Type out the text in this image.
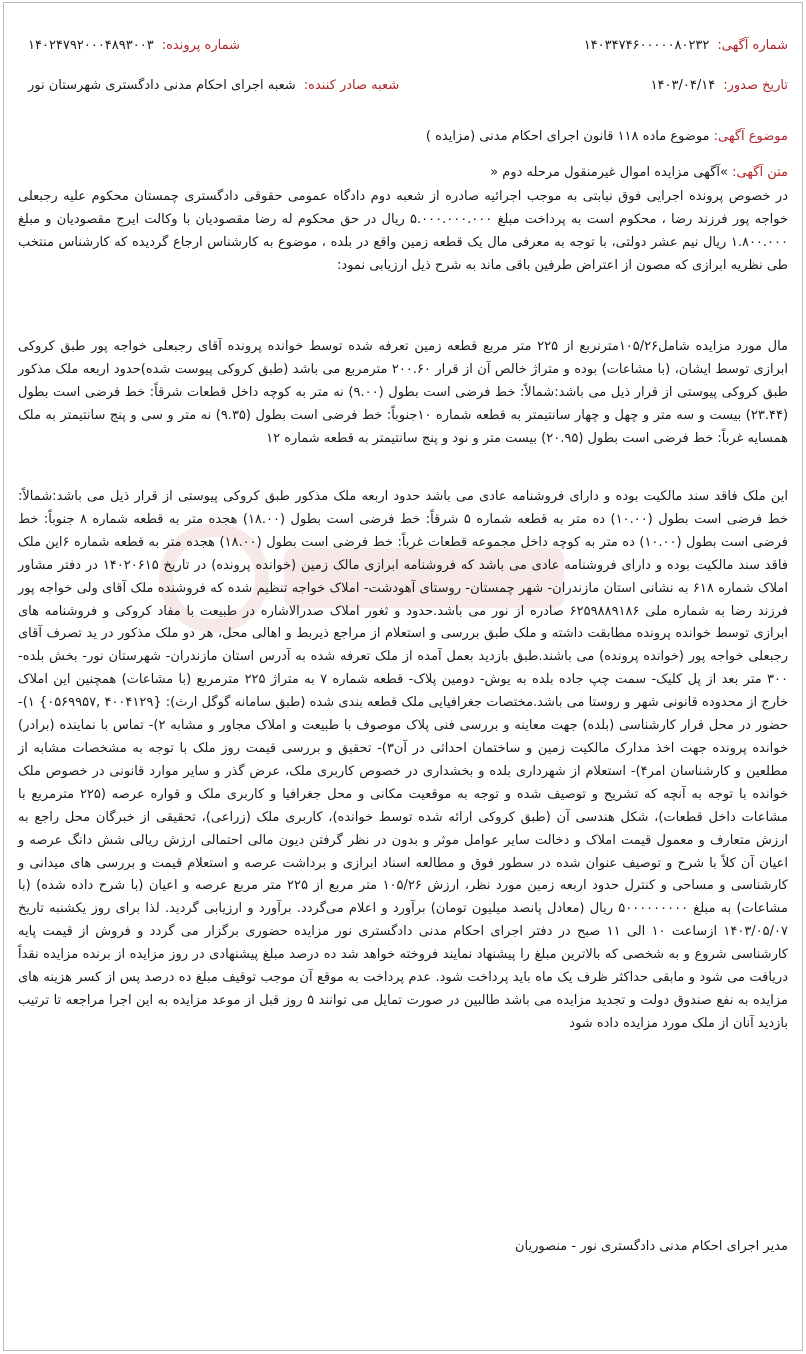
شماره آگهی:
۱۴۰۳۴۷۴۶۰۰۰۰۰۸۰۲۳۲
شماره پرونده:
۱۴۰۲۴۷۹۲۰۰۰۴۸۹۳۰۰۳
تاریخ صدور:
۱۴۰۳/۰۴/۱۴
شعبه صادر کننده:
شعبه اجرای احکام مدنی دادگستری شهرستان نور
موضوع آگهی: موضوع ماده ۱۱۸ قانون اجرای احکام مدنی (مزایده )
متن آگهی: »آگهی مزایده اموال غیرمنقول مرحله دوم «

در خصوص پرونده اجرایی فوق نیابتی به موجب اجرائیه صادره از شعبه دوم دادگاه عمومی حقوقی دادگستری چمستان محکوم علیه رجبعلی خواجه پور فرزند رضا ، محکوم است به پرداخت مبلغ ۵.۰۰۰.۰۰۰.۰۰۰ ریال در حق محکوم له رضا مقصودیان با وکالت ایرج مقصودیان و مبلغ ۱.۸۰۰.۰۰۰ ریال نیم عشر دولتی، با توجه به معرفی مال یک قطعه زمین واقع در بلده ، موضوع به کارشناس ارجاع گردیده که کارشناس منتخب طی نظریه ابرازی که مصون از اعتراض طرفین باقی ماند به شرح ذیل ارزیابی نمود:

مال مورد مزایده شامل۱۰۵/۲۶مترنربع از ۲۲۵ متر مربع قطعه زمین تعرفه شده توسط خوانده پرونده آقای رجبعلی خواجه پور طبق کروکی ابرازی توسط ایشان، (با مشاعات) بوده و متراژ خالص آن از قرار ۲۰۰.۶۰ مترمربع می باشد (طبق کروکی پیوست شده)حدود اربعه ملک مذکور طبق کروکی پیوستی از قرار ذیل می باشد:شمالاً: خط فرضی است بطول (۹.۰۰) نه متر به کوچه داخل قطعات شرقاً: خط فرضی است بطول (۲۳.۴۴) بیست و سه متر و چهل و چهار سانتیمتر به قطعه شماره ۱۰جنوباً: خط فرضی است بطول (۹.۳۵) نه متر و سی و پنج سانتیمتر به ملک همسایه غرباً: خط فرضی است بطول (۲۰.۹۵) بیست متر و نود و پنج سانتیمتر به قطعه شماره ۱۲

این ملک فاقد سند مالکیت بوده و دارای فروشنامه عادی می باشد حدود اربعه ملک مذکور طبق کروکی پیوستی از قرار ذیل می باشد:شمالاً: خط فرضی است بطول (۱۰.۰۰) ده متر به قطعه شماره ۵ شرقاً: خط فرضی است بطول (۱۸.۰۰) هجده متر به قطعه شماره ۸ جنوباً: خط فرضی است بطول (۱۰.۰۰) ده متر به کوچه داخل مجموعه قطعات غرباً: خط فرضی است بطول (۱۸.۰۰) هجده متر به قطعه شماره ۶این ملک فاقد سند مالکیت بوده و دارای فروشنامه عادی می باشد که فروشنامه ابرازی مالک زمین (خوانده پرونده) در تاریخ ۱۴۰۲۰۶۱۵ در دفتر مشاور املاک شماره ۶۱۸ به نشانی استان مازندران- شهر چمستان- روستای آهودشت- املاک خواجه تنظیم شده که فروشنده ملک آقای ولی خواجه پور فرزند رضا به شماره ملی ۶۲۵۹۸۸۹۱۸۶ صادره از نور می باشد.حدود و ثغور املاک صدرالاشاره در طبیعت با مفاد کروکی و فروشنامه های ابرازی توسط خوانده پرونده مطابقت داشته و ملک طبق بررسی و استعلام از مراجع ذیربط و اهالی محل، هر دو ملک مذکور در ید تصرف آقای رجبعلی خواجه پور (خوانده پرونده) می باشند.طبق بازدید بعمل آمده از ملک تعرفه شده به آدرس استان مازندران- شهرستان نور- بخش بلده- ۳۰۰ متر بعد از پل کلیک- سمت چپ جاده بلده به یوش- دومین پلاک- قطعه شماره ۷ به متراژ ۲۲۵ مترمربع (با مشاعات) همچنین این املاک خارج از محدوده قانونی شهر و روستا می باشد.مختصات جغرافیایی ملک قطعه بندی شده (طبق سامانه گوگل ارث): {۴۰۰۴۱۲۹ ,۰۵۶۹۹۵۷} ۱)- حضور در محل قرار کارشناسی (بلده) جهت معاینه و بررسی فنی پلاک موصوف با طبیعت و املاک مجاور و مشابه ۲)- تماس با نماینده (برادر) خوانده پرونده جهت اخذ مدارک مالکیت زمین و ساختمان احداثی در آن۳)- تحقیق و بررسی قیمت روز ملک با توجه به مشخصات مشابه از مطلعین و کارشناسان امر۴)- استعلام از شهرداری بلده و بخشداری در خصوص کاربری ملک، عرض گذر و سایر موارد قانونی در خصوص ملک خوانده با توجه به آنچه که تشریح و توصیف شده و توجه به موقعیت مکانی و محل جغرافیا و کاربری ملک و قواره عرصه (۲۲۵ مترمربع با مشاعات داخل قطعات)، شکل هندسی آن (طبق کروکی ارائه شده توسط خوانده)، کاربری ملک (زراعی)، تحقیقی از خبرگان محل راجع به ارزش متعارف و معمول قیمت املاک و دخالت سایر عوامل موثر و بدون در نظر گرفتن دیون مالی احتمالی ارزش ریالی شش دانگ عرصه و اعیان آن کلاً با شرح و توصیف عنوان شده در سطور فوق و مطالعه اسناد ابرازی و برداشت عرصه و استعلام قیمت و بررسی های میدانی و کارشناسی و مساحی و کنترل حدود اربعه زمین مورد نظر، ارزش ۱۰۵/۲۶ متر مربع از ۲۲۵ متر مربع عرصه و اعیان (با شرح داده شده) (با مشاعات) به مبلغ ۵۰۰۰۰۰۰۰۰۰ ریال (معادل پانصد میلیون تومان) برآورد و اعلام می‌گردد. برآورد و ارزیابی گردید. لذا برای روز یکشنبه تاریخ ۱۴۰۳/۰۵/۰۷ ازساعت ۱۰ الی ۱۱ صبح در دفتر اجرای احکام مدنی دادگستری نور مزایده حضوری برگزار می گردد و فروش از قیمت پایه کارشناسی شروع و به شخصی که بالاترین مبلغ را پیشنهاد نمایند فروخته خواهد شد ده درصد مبلغ پیشنهادی در روز مزایده از برنده مزایده نقداً دریافت می شود و مابقی حداکثر ظرف یک ماه باید پرداخت شود. عدم پرداخت به موقع آن موجب توقیف مبلغ ده درصد پس از کسر هزینه های مزایده به نفع صندوق دولت و تجدید مزایده می باشد طالبین در صورت تمایل می توانند ۵ روز قبل از موعد مزایده به این اجرا مراجعه تا ترتیب بازدید آنان از ملک مورد مزایده داده شود

مدیر اجرای احکام مدنی دادگستری نور - منصوریان
